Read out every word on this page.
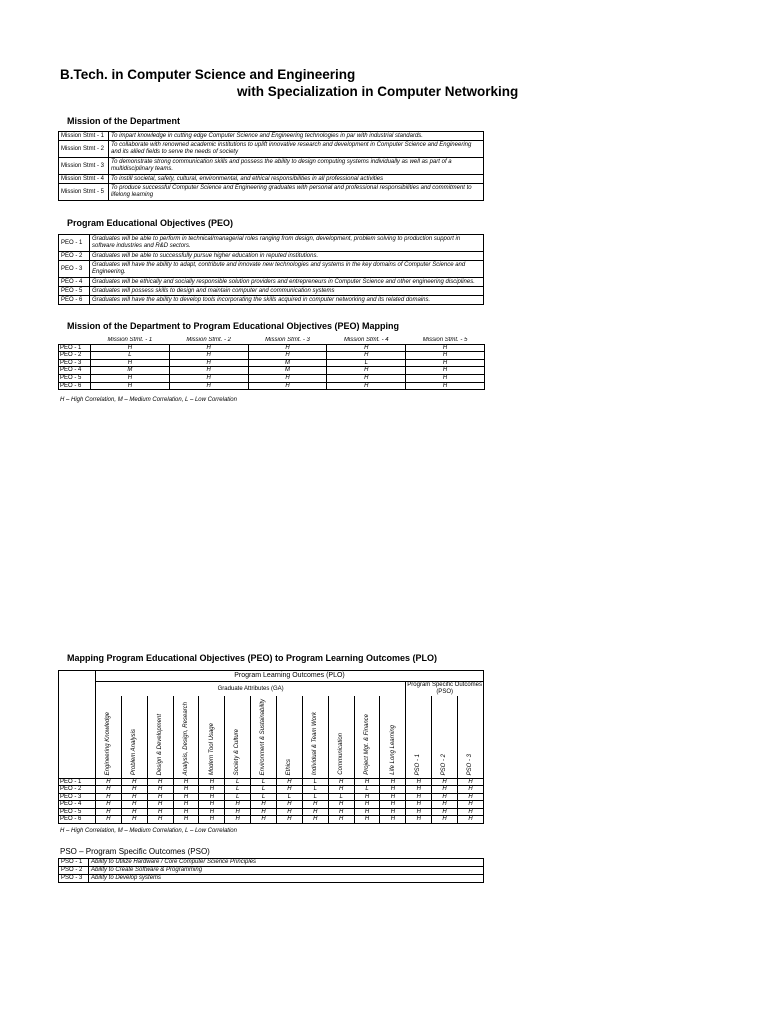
B.Tech. in Computer Science and Engineering
with Specialization in Computer Networking
Mission of the Department
Mission Stmt - 1	To impart knowledge in cutting edge Computer Science and Engineering technologies in par with industrial standards.
Mission Stmt - 2	To collaborate with renowned academic institutions to uplift innovative research and development in Computer Science and Engineering and its allied fields to serve the needs of society
Mission Stmt - 3	To demonstrate strong communication skills and possess the ability to design computing systems individually as well as part of a multidisciplinary teams.
Mission Stmt - 4	To instill societal, safety, cultural, environmental, and ethical responsibilities in all professional activities
Mission Stmt - 5	To produce successful Computer Science and Engineering graduates with personal and professional responsibilities and commitment to lifelong learning
Program Educational Objectives (PEO)
PEO - 1	Graduates will be able to perform in technical/managerial roles ranging from design, development, problem solving to production support in software industries and R&D sectors.
PEO - 2	Graduates will be able to successfully pursue higher education in reputed institutions.
PEO - 3	Graduates will have the ability to adapt, contribute and innovate new technologies and systems in the key domains of Computer Science and Engineering.
PEO - 4	Graduates will be ethically and socially responsible solution providers and entrepreneurs in Computer Science and other engineering disciplines.
PEO - 5	Graduates will possess skills to design and maintain computer and communication systems
PEO - 6	Graduates will have the ability to develop tools incorporating the skills acquired in computer networking and its related domains.
Mission of the Department to Program Educational Objectives (PEO) Mapping
	Mission Stmt. - 1	Mission Stmt. - 2	Mission Stmt. - 3	Mission Stmt. - 4	Mission Stmt. - 5
PEO - 1	H	H	H	H	H
PEO - 2	L	H	H	H	H
PEO - 3	H	H	M	L	H
PEO - 4	M	H	M	H	H
PEO - 5	H	H	H	H	H
PEO - 6	H	H	H	H	H
H – High Correlation, M – Medium Correlation, L – Low Correlation
Mapping Program Educational Objectives (PEO) to Program Learning Outcomes (PLO)
	Program Learning Outcomes (PLO)														
	Graduate Attributes (GA)												Program Specific Outcomes (PSO)		
	Engineering Knowledge	Problem Analysis	Design & Development	Analysis, Design, Research	Modern Tool Usage	Society & Culture	Environment & Sustainability	Ethics	Individual & Team Work	Communication	Project Mgt. & Finance	Life Long Learning	PSO - 1	PSO - 2	PSO - 3
PEO - 1	H	H	H	H	H	L	L	H	L	H	H	H	H	H	H
PEO - 2	H	H	H	H	H	L	L	H	L	H	L	H	H	H	H
PEO - 3	H	H	H	H	H	L	L	L	L	L	H	H	H	H	H
PEO - 4	H	H	H	H	H	H	H	H	H	H	H	H	H	H	H
PEO - 5	H	H	H	H	H	H	H	H	H	H	H	H	H	H	H
PEO - 6	H	H	H	H	H	H	H	H	H	H	H	H	H	H	H
H – High Correlation, M – Medium Correlation, L – Low Correlation
PSO – Program Specific Outcomes (PSO)
PSO - 1	Ability to Utilize Hardware / Core Computer Science Principles
PSO - 2	Ability to Create Software & Programming
PSO - 3	Ability to Develop systems
